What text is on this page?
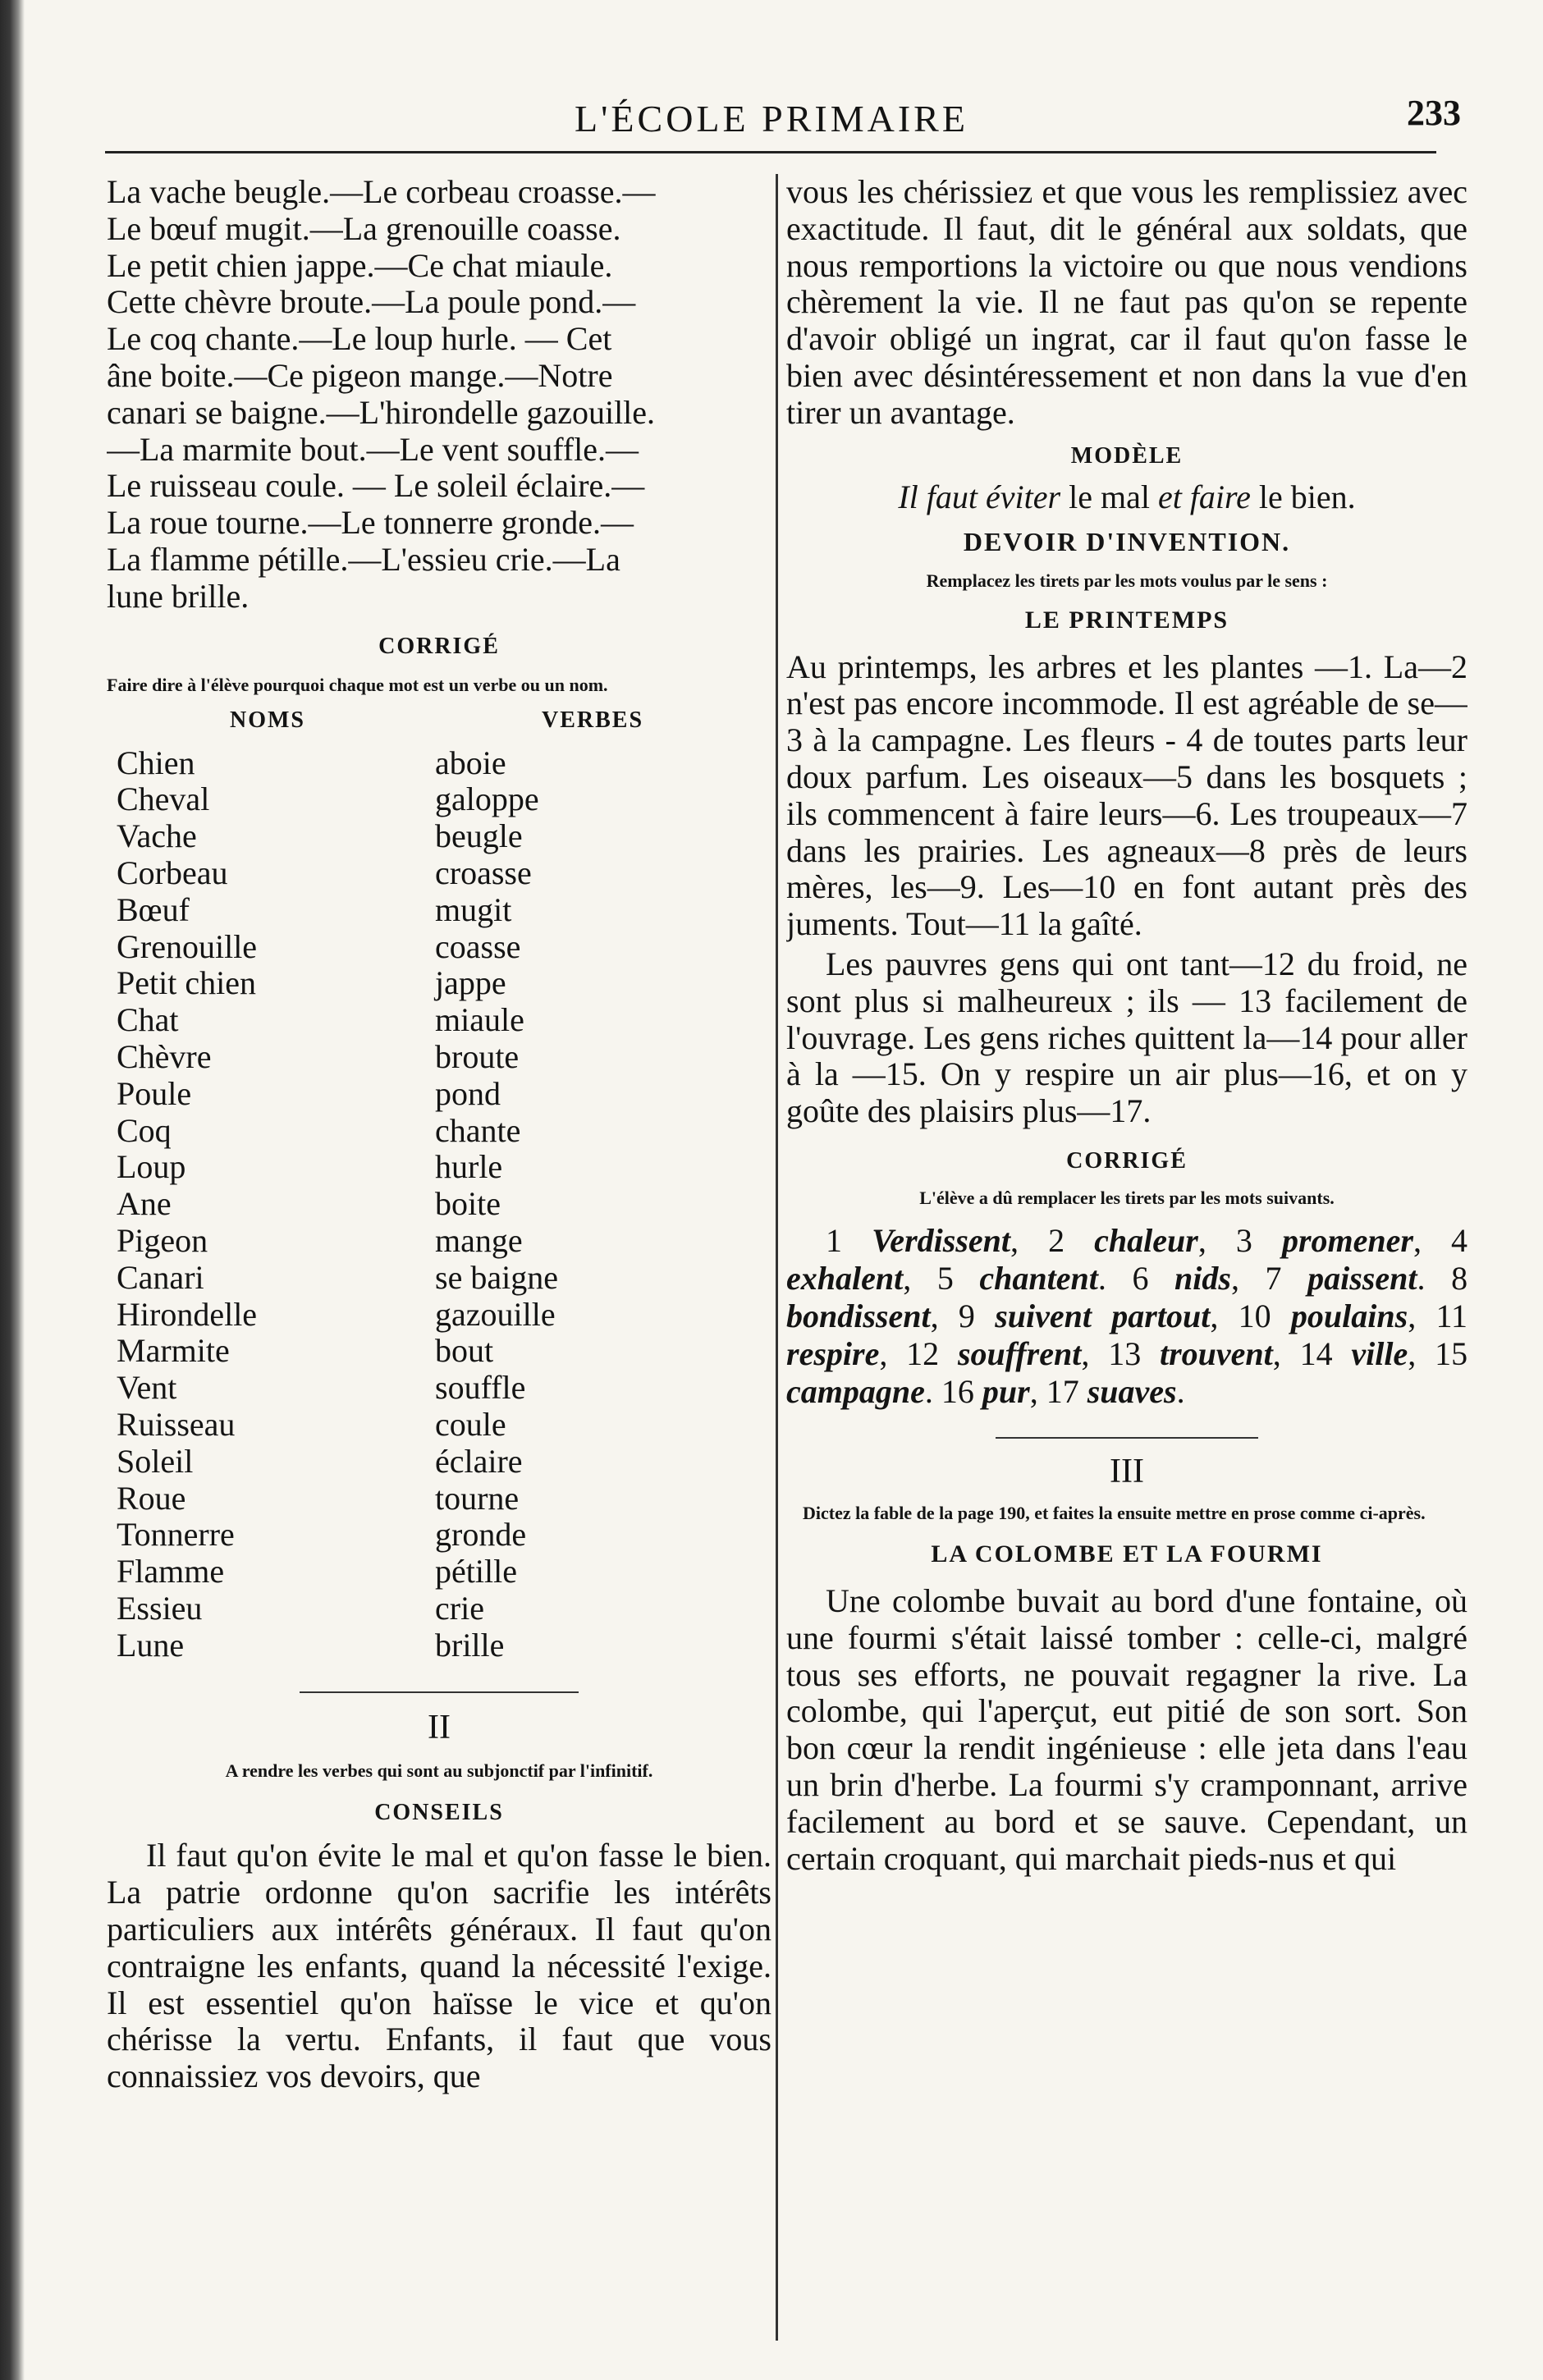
L'ÉCOLE PRIMAIRE	233
La vache beugle.—Le corbeau croasse.—
Le bœuf mugit.—La grenouille coasse.
Le petit chien jappe.—Ce chat miaule.
Cette chèvre broute.—La poule pond.—
Le coq chante.—Le loup hurle. — Cet
âne boite.—Ce pigeon mange.—Notre
canari se baigne.—L'hirondelle gazouille.
—La marmite bout.—Le vent souffle.—
Le ruisseau coule. — Le soleil éclaire.—
La roue tourne.—Le tonnerre gronde.—
La flamme pétille.—L'essieu crie.—La
lune brille.
CORRIGÉ
Faire dire à l'élève pourquoi chaque mot est un verbe ou un nom.
NOMS	VERBES
Chien	aboie
Cheval	galoppe
Vache	beugle
Corbeau	croasse
Bœuf	mugit
Grenouille	coasse
Petit chien	jappe
Chat	miaule
Chèvre	broute
Poule	pond
Coq	chante
Loup	hurle
Ane	boite
Pigeon	mange
Canari	se baigne
Hirondelle	gazouille
Marmite	bout
Vent	souffle
Ruisseau	coule
Soleil	éclaire
Roue	tourne
Tonnerre	gronde
Flamme	pétille
Essieu	crie
Lune	brille
II
A rendre les verbes qui sont au subjonctif par l'infinitif.
CONSEILS
Il faut qu'on évite le mal et qu'on fasse le bien. La patrie ordonne qu'on sacrifie les intérêts particuliers aux intérêts généraux. Il faut qu'on contraigne les enfants, quand la nécessité l'exige. Il est essentiel qu'on haïsse le vice et qu'on chérisse la vertu. Enfants, il faut que vous connaissiez vos devoirs, que
vous les chérissiez et que vous les remplissiez avec exactitude. Il faut, dit le général aux soldats, que nous remportions la victoire ou que nous vendions chèrement la vie. Il ne faut pas qu'on se repente d'avoir obligé un ingrat, car il faut qu'on fasse le bien avec désintéressement et non dans la vue d'en tirer un avantage.
MODÈLE
Il faut éviter le mal et faire le bien.
DEVOIR D'INVENTION.
Remplacez les tirets par les mots voulus par le sens :
LE PRINTEMPS
Au printemps, les arbres et les plantes —1. La—2 n'est pas encore incommode. Il est agréable de se—3 à la campagne. Les fleurs - 4 de toutes parts leur doux parfum. Les oiseaux—5 dans les bosquets ; ils commencent à faire leurs—6. Les troupeaux—7 dans les prairies. Les agneaux—8 près de leurs mères, les—9. Les—10 en font autant près des juments. Tout—11 la gaîté.
Les pauvres gens qui ont tant—12 du froid, ne sont plus si malheureux ; ils — 13 facilement de l'ouvrage. Les gens riches quittent la—14 pour aller à la —15. On y respire un air plus—16, et on y goûte des plaisirs plus—17.
CORRIGÉ
L'élève a dû remplacer les tirets par les mots suivants.
1 Verdissent, 2 chaleur, 3 promener, 4 exhalent, 5 chantent. 6 nids, 7 paissent. 8 bondissent, 9 suivent partout, 10 poulains, 11 respire, 12 souffrent, 13 trouvent, 14 ville, 15 campagne. 16 pur, 17 suaves.
III
Dictez la fable de la page 190, et faites la ensuite mettre en prose comme ci-après.
LA COLOMBE ET LA FOURMI
Une colombe buvait au bord d'une fontaine, où une fourmi s'était laissé tomber : celle-ci, malgré tous ses efforts, ne pouvait regagner la rive. La colombe, qui l'aperçut, eut pitié de son sort. Son bon cœur la rendit ingénieuse : elle jeta dans l'eau un brin d'herbe. La fourmi s'y cramponnant, arrive facilement au bord et se sauve. Cependant, un certain croquant, qui marchait pieds-nus et qui
